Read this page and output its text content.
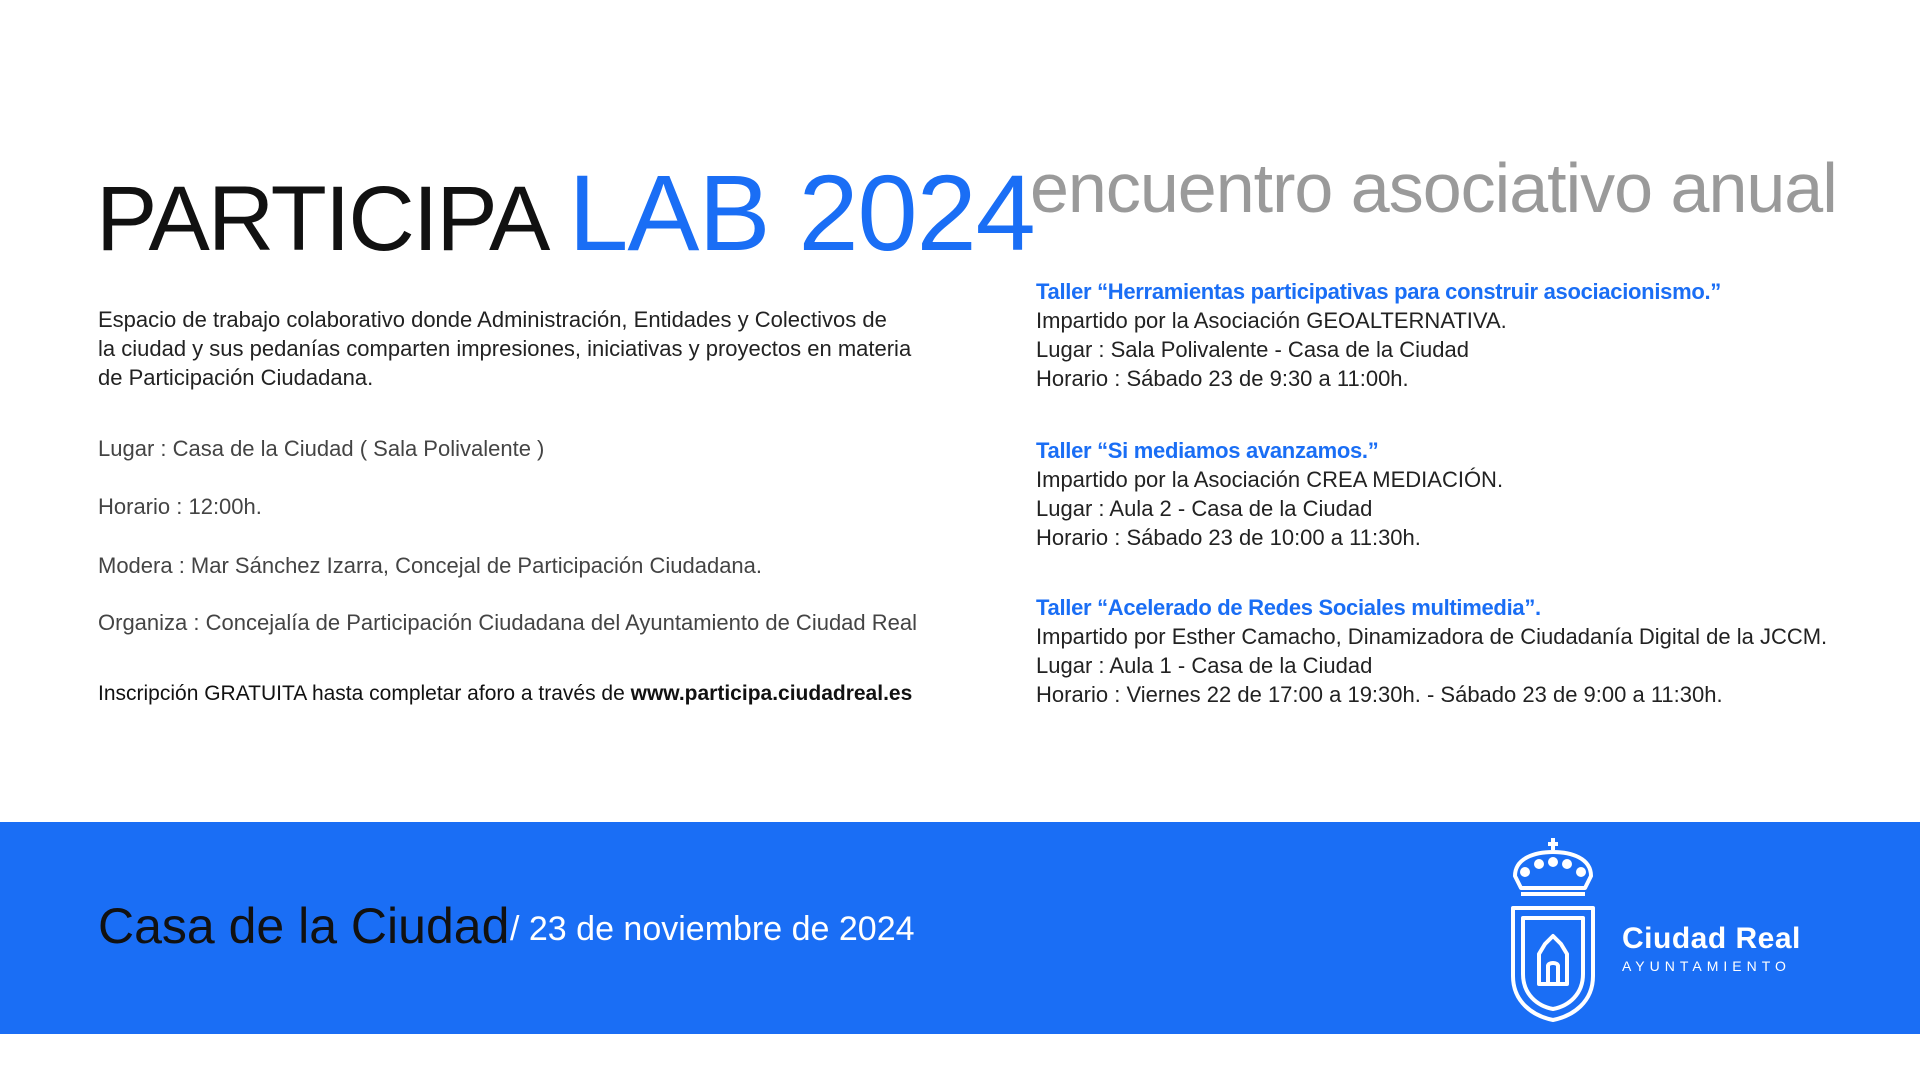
PARTICIPA LAB 2024
encuentro asociativo anual
Espacio de trabajo colaborativo donde Administración, Entidades y Colectivos de
la ciudad y sus pedanías comparten impresiones, iniciativas y proyectos en materia
de Participación Ciudadana.
Lugar : Casa de la Ciudad ( Sala Polivalente )
Horario : 12:00h.
Modera : Mar Sánchez Izarra, Concejal de Participación Ciudadana.
Organiza : Concejalía de Participación Ciudadana del Ayuntamiento de Ciudad Real
Inscripción GRATUITA hasta completar aforo a través de www.participa.ciudadreal.es
Taller “Herramientas participativas para construir asociacionismo.”
Impartido por la Asociación GEOALTERNATIVA.
Lugar : Sala Polivalente - Casa de la Ciudad
Horario : Sábado 23 de 9:30 a 11:00h.
Taller “Si mediamos avanzamos.”
Impartido por la Asociación CREA MEDIACIÓN.
Lugar : Aula 2 - Casa de la Ciudad
Horario : Sábado 23 de 10:00 a 11:30h.
Taller “Acelerado de Redes Sociales multimedia”.
Impartido por Esther Camacho, Dinamizadora de Ciudadanía Digital de la JCCM.
Lugar : Aula 1 - Casa de la Ciudad
Horario : Viernes 22 de 17:00 a 19:30h. - Sábado 23 de 9:00 a 11:30h.
Casa de la Ciudad / 23 de noviembre de 2024	Ciudad Real
AYUNTAMIENTO
